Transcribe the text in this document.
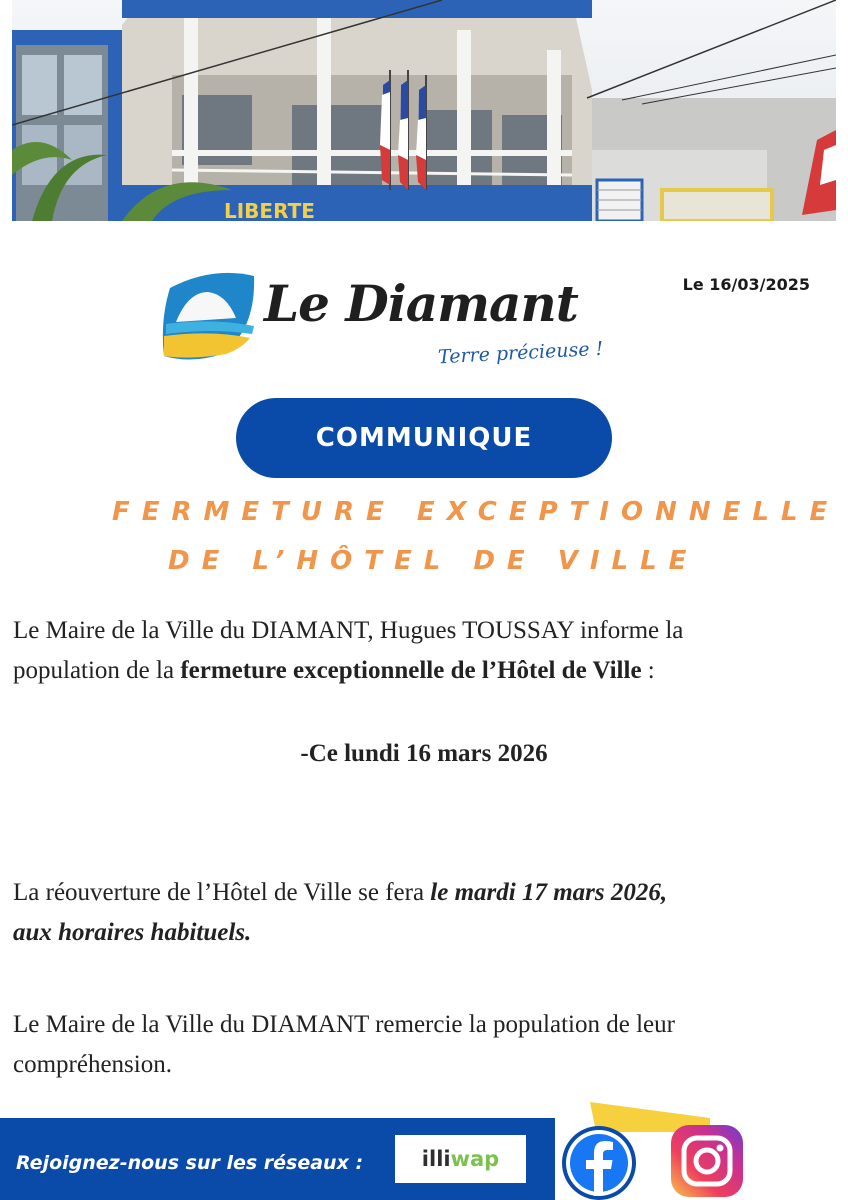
LIBERTE
Le Diamant
Terre précieuse !
Le 16/03/2025
COMMUNIQUE
FERMETURE EXCEPTIONNELLE
DE L’HÔTEL DE VILLE
Le Maire de la Ville du DIAMANT, Hugues TOUSSAY informe la
population de la fermeture exceptionnelle de l’Hôtel de Ville :
-Ce lundi 16 mars 2026
La réouverture de l’Hôtel de Ville se fera le mardi 17 mars 2026,
aux horaires habituels.
Le Maire de la Ville du DIAMANT remercie la population de leur
compréhension.
Rejoignez-nous sur les réseaux :	illiwap
